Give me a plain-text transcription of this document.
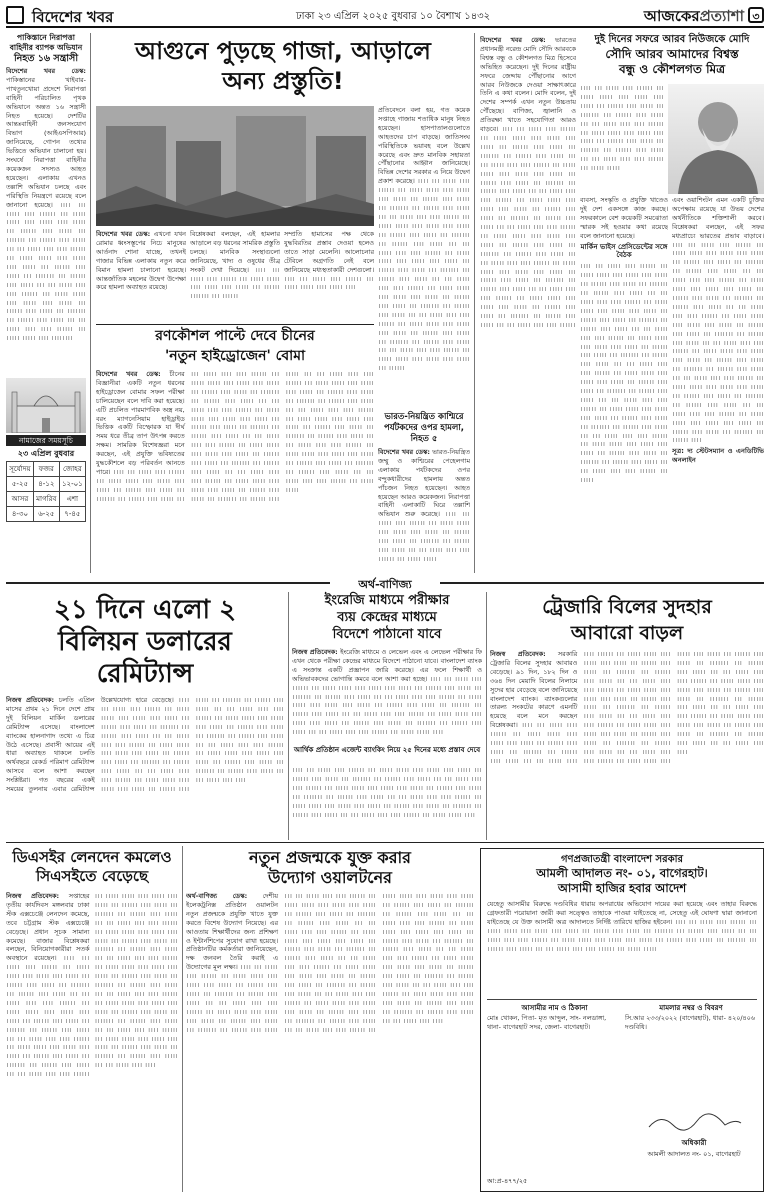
বিদেশের খবর	ঢাকা ২৩ এপ্রিল ২০২৫ বুধবার ১০ বৈশাখ ১৪৩২	আজকেরপ্রত্যাশা ৩
পাকিস্তানে নিরাপত্তা বাহিনীর ব্যাপক অভিযান
নিহত ১৬ সন্ত্রাসী
বিদেশের খবর ডেস্ক: পাকিস্তানের খাইবার-পাখতুনখোয়া প্রদেশে নিরাপত্তা বাহিনী পরিচালিত পৃথক অভিযানে অন্তত ১৬ সন্ত্রাসী নিহত হয়েছে। দেশটির আন্তঃবাহিনী জনসংযোগ বিভাগ (আইএসপিআর) জানিয়েছে, গোপন তথ্যের ভিত্তিতে অভিযান চালানো হয়। সংঘর্ষে নিরাপত্তা বাহিনীর কয়েকজন সদস্যও আহত হয়েছেন। এলাকায় এখনও তল্লাশি অভিযান চলছে এবং পরিস্থিতি নিয়ন্ত্রণে রয়েছে বলে জানানো হয়েছে। ।।।। ।।। ।।।।। ।।।। ।।।।।। ।।। ।।।।। ।।।।। ।।।। ।।।।। ।।।। ।।।।। ।।। ।।।।।। ।।।। ।।।।। ।।। ।।।।।।। ।।। ।।।।।। ।।।। ।।।।। ।।। ।।। ।।।।। ।।।। ।।।। ।।।।।। ।।। ।।।।। ।।।।। ।।।। ।।।।। ।।।। ।।।।। ।।। ।।।।।। ।।।। ।।।।। ।।। ।।।।।।। ।।। ।।।।।। ।।।। ।।।।। ।।। ।।। ।।।।। ।।।। ।।।। ।।।।।। ।।। ।।।।। ।।।।। ।।।। ।।।।। ।।।। ।।।।। ।।। ।।।।।। ।।।। ।।।।। ।।। ।।।।।।। ।।। ।।।।।। ।।।। ।।।।। ।।। ।।। ।।।।। ।।।। ।।।। ।।।।।। ।।। ।।।।। ।।।।। ।।।। ।।।।।।।।
নামাজের সময়সূচি
২৩ এপ্রিল বুধবার
সূর্যোদয়	ফজর	জোহর
৫-২৫	৪-১২	১২-০১
আসর	মাগরিব	এশা
৪-৩০	৬-২৫	৭-৪৫
আগুনে পুড়ছে গাজা, আড়ালে
অন্য প্রস্তুতি!
প্রতিবেদনে বলা হয়, গত কয়েক সপ্তাহে গাজায় শতাধিক মানুষ নিহত হয়েছেন। হাসপাতালগুলোতে আহতদের চাপ বাড়ছে। জাতিসংঘ পরিস্থিতিকে ভয়াবহ বলে উল্লেখ করেছে এবং দ্রুত মানবিক সহায়তা পৌঁছানোর আহ্বান জানিয়েছে। বিভিন্ন দেশের সরকার এ নিয়ে উদ্বেগ প্রকাশ করেছে। ।।।। ।।। ।।।।। ।।।। ।।।।।। ।।। ।।।।। ।।।।। ।।।। ।।।।। ।।।। ।।।।। ।।। ।।।।।। ।।।। ।।।।। ।।। ।।।।।।। ।।। ।।।।।। ।।।। ।।।।। ।।। ।।। ।।।।। ।।।। ।।।। ।।।।।। ।।। ।।।।। ।।।।। ।।।। ।।।।। ।।।। ।।।।। ।।। ।।।।।। ।।।। ।।।।। ।।। ।।।।।।। ।।। ।।।।।। ।।।। ।।।।। ।।। ।।। ।।।।। ।।।। ।।।। ।।।।।। ।।। ।।।।। ।।।।। ।।।। ।।।।। ।।।। ।।।।। ।।। ।।।।।। ।।।। ।।।।। ।।। ।।।।।।। ।।। ।।।।।। ।।।। ।।।।। ।।। ।।। ।।।।। ।।।। ।।।। ।।।।।। ।।। ।।।।। ।।।।। ।।।। ।।।।। ।।।। ।।।।। ।।। ।।।।।। ।।।। ।।।।। ।।। ।।।।।।। ।।। ।।।।।। ।।।। ।।।।। ।।। ।।। ।।।।। ।।।। ।।।। ।।।।।। ।।। ।।।।। ।।।।। ।।।। ।।।।। ।।।। ।।।।। ।।। ।।।।।। ।।।। ।।।।। ।।। ।।।।।।। ।।। ।।।।।। ।।।। ।।।।। ।।। ।।। ।।।।। ।।।। ।।।। ।।।।।। ।।। ।।।।। ।।।।। ।।।। ।।।।। ।।।। ।।।।। ।।। ।।।।।।
বিদেশের খবর ডেস্ক: এখনো যখন রোমার ধ্বংসস্তূপের নিচে মানুষের আর্তনাদ শোনা যাচ্ছে, তখনই গাজার বিভিন্ন এলাকায় নতুন করে বিমান হামলা চালানো হয়েছে। আন্তর্জাতিক মহলের উদ্বেগ উপেক্ষা করে হামলা অব্যাহত রয়েছে।
বিশ্লেষকরা বলছেন, এই হামলার আড়ালে বড় ধরনের সামরিক প্রস্তুতি চলছে। মানবিক সংস্থাগুলো জানিয়েছে, খাদ্য ও ওষুধের তীব্র সংকট দেখা দিয়েছে। ।।।। ।।। ।।।।। ।।।। ।।।।।। ।।। ।।।।। ।।।।। ।।।। ।।।।। ।।।। ।।।।। ।।। ।।।।।। ।।।।।।। ।।। ।।।।।।
সম্প্রতি হামাসের পক্ষ থেকে যুদ্ধবিরতির প্রস্তাব দেওয়া হলেও তাতে সাড়া মেলেনি। আলোচনার টেবিলে অগ্রগতি নেই বলে জানিয়েছে মধ্যস্থতাকারী দেশগুলো। ।।।। ।।। ।।।।। ।।।। ।।।।।। ।।। ।।।।। ।।।।। ।।।। ।।।।। ।।।।
রণকৌশল পাল্টে দেবে চীনের
'নতুন হাইড্রোজেন' বোমা
বিদেশের খবর ডেস্ক: চীনের বিজ্ঞানীরা একটি নতুন ধরনের হাইড্রোজেন বোমার সফল পরীক্ষা চালিয়েছেন বলে দাবি করা হয়েছে। এটি প্রচলিত পারমাণবিক অস্ত্র নয়, বরং ম্যাগনেসিয়াম হাইড্রাইড ভিত্তিক একটি বিস্ফোরক যা দীর্ঘ সময় ধরে তীব্র তাপ উৎপন্ন করতে সক্ষম। সামরিক বিশেষজ্ঞরা মনে করছেন, এই প্রযুক্তি ভবিষ্যতের যুদ্ধকৌশলে বড় পরিবর্তন আনতে পারে। ।।।। ।।। ।।।।। ।।।। ।।।।।। ।।। ।।।।। ।।।।। ।।।। ।।।।। ।।।। ।।।।। ।।। ।।।।।। ।।।। ।।।।। ।।। ।।।।।।। ।।। ।।।।।। ।।।। ।।।।। ।।। ।।। ।।।।। ।।।। ।।।। ।।।।।। ।।। ।।।।। ।।।।। ।।।। ।।।।। ।।।। ।।।।। ।।। ।।।।।। ।।।। ।।।।। ।।। ।।।।।।। ।।। ।।।।।। ।।।। ।।।।। ।।। ।।। ।।।।। ।।।। ।।।। ।।।।।। ।।। ।।।।। ।।।।। ।।।। ।।।।। ।।।। ।।।।। ।।। ।।।।।। ।।।। ।।।।। ।।। ।।।।।।। ।।। ।।।।।। ।।।। ।।।।। ।।। ।।। ।।।।। ।।।। ।।।। ।।।।।। ।।। ।।।।। ।।।।। ।।।। ।।।।। ।।।। ।।।।। ।।। ।।।।।। ।।।। ।।।।। ।।। ।।।।।।। ।।। ।।।।।। ।।।। ।।।।। ।।। ।।। ।।।।। ।।।। ।।।। ।।।।।। ।।। ।।।।। ।।।।। ।।।। ।।।।। ।।।। ।।।।। ।।। ।।।।।। ।।।। ।।।।। ।।। ।।।।।।। ।।। ।।।।।। ।।।। ।।।।। ।।। ।।। ।।।।। ।।।। ।।।। ।।।।।। ।।। ।।।।। ।।।।। ।।।। ।।।।। ।।।। ।।।।। ।।। ।।।।।। ।।।। ।।।।। ।।। ।।।।।।। ।।। ।।।।।। ।।।। ।।।।। ।।। ।।। ।।।।। ।।।। ।।।। ।।।।।। ।।। ।।।।। ।।।।। ।।।। ।।।।। ।।।। ।।।।। ।।। ।।।।।। ।।।। ।।।।। ।।। ।।।।।।। ।।। ।।।।।। ।।।। ।।।।। ।।। ।।। ।।।।। ।।।। ।।।। ।।।।।। ।।। ।।।।। ।।।।। ।।।। ।।।।। ।।।। ।।।।। ।।। ।।।।।। ।।।। ।।।।। ।।। ।।।।।।। ।।। ।।।।।। ।।।। ।।।।। ।।। ।।। ।।।।। ।।।। ।।।। ।।।।।। ।।। ।।।।। ।।।।।
ভারত-নিয়ন্ত্রিত কাশ্মিরে পর্যটকদের ওপর হামলা, নিহত ৫
বিদেশের খবর ডেস্ক: ভারত-নিয়ন্ত্রিত জম্মু ও কাশ্মিরের পেহেলগাম এলাকায় পর্যটকদের ওপর বন্দুকধারীদের হামলায় অন্তত পাঁচজন নিহত হয়েছেন। আহত হয়েছেন আরও কয়েকজন। নিরাপত্তা বাহিনী এলাকাটি ঘিরে তল্লাশি অভিযান শুরু করেছে। ।।।। ।।। ।।।।। ।।।। ।।।।।। ।।। ।।।।। ।।।।। ।।।। ।।।।। ।।।। ।।।।। ।।। ।।।।।। ।।।। ।।।।। ।।। ।।।।।।। ।।। ।।।।।। ।।।। ।।।।। ।।। ।।। ।।।।। ।।।। ।।।। ।।।।।। ।।। ।।।।। ।।।।।
বিদেশের খবর ডেস্ক: ভারতের প্রধানমন্ত্রী নরেন্দ্র মোদি সৌদি আরবকে বিশ্বস্ত বন্ধু ও কৌশলগত মিত্র হিসেবে অভিহিত করেছেন। দুই দিনের রাষ্ট্রীয় সফরে জেদ্দায় পৌঁছানোর আগে আরব নিউজকে দেওয়া সাক্ষাৎকারে তিনি এ কথা বলেন। মোদি বলেন, দুই দেশের সম্পর্ক এখন নতুন উচ্চতায় পৌঁছেছে। বাণিজ্য, জ্বালানি ও প্রতিরক্ষা খাতে সহযোগিতা আরও বাড়বে। ।।।। ।।। ।।।।। ।।।। ।।।।।। ।।। ।।।।। ।।।।। ।।।। ।।।।। ।।।। ।।।।। ।।। ।।।।।। ।।।। ।।।।। ।।। ।।।।।।। ।।। ।।।।।। ।।।। ।।।।। ।।। ।।। ।।।।। ।।।। ।।।। ।।।।।। ।।। ।।।।। ।।।।। ।।।। ।।।।। ।।।। ।।।।। ।।। ।।।।।। ।।।। ।।।।। ।।। ।।।।।।। ।।। ।।।।।। ।।।। ।।।।। ।।। ।।। ।।।।। ।।।। ।।।। ।।।।।। ।।। ।।।।। ।।।।। ।।।। ।।।।। ।।।। ।।।।। ।।। ।।।।।। ।।।। ।।।।। ।।। ।।।।।।। ।।। ।।।।।। ।।।। ।।।।। ।।। ।।। ।।।।। ।।।। ।।।। ।।।।।। ।।। ।।।।। ।।।।। ।।।। ।।।।। ।।।। ।।।।। ।।। ।।।।।। ।।।। ।।।।। ।।। ।।।।।।। ।।। ।।।।।। ।।।। ।।।।। ।।। ।।। ।।।।। ।।।। ।।।। ।।।।।। ।।। ।।।।। ।।।।। ।।।। ।।।।। ।।।। ।।।।। ।।। ।।।।।। ।।।। ।।।।। ।।। ।।।।।।। ।।। ।।।।।। ।।।। ।।।।। ।।। ।।। ।।।।। ।।।। ।।।। ।।।।।। ।।। ।।।।। ।।।।। ।।।। ।।।।। ।।।। ।।।।। ।।। ।।।।।। ।।।। ।।।।। ।।। ।।।।।।। ।।। ।।।।।। ।।।। ।।।।। ।।। ।।। ।।।।। ।।।। ।।।। ।।।।।।
দুই দিনের সফরে আরব নিউজকে মোদি
সৌদি আরব আমাদের বিশ্বস্ত
বন্ধু ও কৌশলগত মিত্র
।।।। ।।। ।।।।। ।।।। ।।।।।। ।।। ।।।।। ।।।।। ।।।। ।।।।। ।।।। ।।।।। ।।। ।।।।।। ।।।। ।।।।। ।।। ।।।।।।। ।।। ।।।।।। ।।।। ।।।।। ।।। ।।। ।।।।। ।।।। ।।।। ।।।।।। ।।। ।।।।। ।।।।। ।।।। ।।।।। ।।।। ।।।।। ।।। ।।।।।। ।।।। ।।।।। ।।। ।।।।।।। ।।। ।।।।।। ।।।। ।।।।। ।।। ।।। ।।।।। ।।।। ।।।। ।।।।।। ।।। ।।।।। ।।।।।
ব্যবসা, সংস্কৃতি ও প্রযুক্তি খাতেও দুই দেশ একসঙ্গে কাজ করছে। সফরকালে বেশ কয়েকটি সমঝোতা স্মারক সই হওয়ার কথা রয়েছে বলে জানানো হয়েছে।
মার্কিন ভাইস প্রেসিডেন্টের সঙ্গে বৈঠক
।।।। ।।। ।।।।। ।।।। ।।।।।। ।।। ।।।।। ।।।।। ।।।। ।।।।। ।।।। ।।।।। ।।। ।।।।।। ।।।। ।।।।। ।।। ।।।।।।। ।।। ।।।।।। ।।।। ।।।।। ।।। ।।। ।।।।। ।।।। ।।।। ।।।।।। ।।। ।।।।। ।।।।। ।।।। ।।।।। ।।।। ।।।।। ।।। ।।।।।। ।।।। ।।।।। ।।। ।।।।।।। ।।। ।।।।।। ।।।। ।।।।। ।।। ।।। ।।।।। ।।।। ।।।। ।।।।।। ।।। ।।।।। ।।।।। ।।।। ।।।।। ।।।। ।।।।। ।।। ।।।।।। ।।।। ।।।।। ।।। ।।।।।।। ।।। ।।।।।। ।।।। ।।।।। ।।। ।।। ।।।।। ।।।। ।।।। ।।।।।। ।।। ।।।।। ।।।।। ।।।। ।।।।। ।।।। ।।।।। ।।। ।।।।।। ।।।। ।।।।। ।।। ।।।।।।। ।।। ।।।।।। ।।।। ।।।।। ।।। ।।। ।।।।। ।।।। ।।।। ।।।।।। ।।। ।।।।। ।।।।। ।।।। ।।।।। ।।।। ।।।।। ।।। ।।।।।। ।।।। ।।।।। ।।। ।।।।।।। ।।। ।।।।।। ।।।। ।।।।। ।।। ।।। ।।।।। ।।।। ।।।। ।।।।।। ।।। ।।।।। ।।।।। ।।।। ।।।।। ।।।। ।।।।। ।।। ।।।।।। ।।।। ।।।।। ।।। ।।।।।।। ।।। ।।।।।। ।।।। ।।।।। ।।। ।।। ।।।।। ।।।। ।।।। ।।।।।। ।।। ।।।।।
এবং ওয়াশিংটন এমন একটি চুক্তির অপেক্ষায় রয়েছে যা উভয় দেশের অর্থনীতিকে শক্তিশালী করবে। বিশ্লেষকরা বলছেন, এই সফর মধ্যপ্রাচ্যে ভারতের প্রভাব বাড়াবে। ।।।। ।।। ।।।।। ।।।। ।।।।।। ।।। ।।।।। ।।।।। ।।।। ।।।।। ।।।। ।।।।। ।।। ।।।।।। ।।।। ।।।।। ।।। ।।।।।।। ।।। ।।।।।। ।।।। ।।।।। ।।। ।।। ।।।।। ।।।। ।।।। ।।।।।। ।।। ।।।।। ।।।।। ।।।। ।।।।। ।।।। ।।।।। ।।। ।।।।।। ।।।। ।।।।। ।।। ।।।।।।। ।।। ।।।।।। ।।।। ।।।।। ।।। ।।। ।।।।। ।।।। ।।।। ।।।।।। ।।। ।।।।। ।।।।। ।।।। ।।।।। ।।।। ।।।।। ।।। ।।।।।। ।।।। ।।।।। ।।। ।।।।।।। ।।। ।।।।।। ।।।। ।।।।। ।।। ।।। ।।।।। ।।।। ।।।। ।।।।।। ।।। ।।।।। ।।।।। ।।।। ।।।।। ।।।। ।।।।। ।।। ।।।।।। ।।।। ।।।।। ।।। ।।।।।।। ।।। ।।।।।। ।।।। ।।।।। ।।। ।।। ।।।।। ।।।। ।।।। ।।।।।। ।।। ।।।।। ।।।।। ।।।। ।।।।। ।।।। ।।।।। ।।। ।।।।।। ।।।। ।।।।। ।।। ।।।।।।। ।।। ।।।।।। ।।।। ।।।।। ।।। ।।। ।।।।। ।।।। ।।।। ।।।।।। ।।। ।।।।। ।।।।। ।।।। ।।।।। ।।।। ।।।।। ।।। ।।।।।। ।।।। ।।।।। ।।। ।।।।।।। ।।। ।।।।।। ।।।।
সূত্র: দ্য স্টেটসম্যান ও এনডিটিভি অনলাইন
অর্থ-বাণিজ্য
২১ দিনে এলো ২
বিলিয়ন ডলারের
রেমিট্যান্স
নিজস্ব প্রতিবেদক: চলতি এপ্রিল মাসের প্রথম ২১ দিনে দেশে প্রায় দুই বিলিয়ন মার্কিন ডলারের রেমিট্যান্স এসেছে। বাংলাদেশ ব্যাংকের হালনাগাদ তথ্যে এ চিত্র উঠে এসেছে। প্রবাসী আয়ের এই ধারা অব্যাহত থাকলে চলতি অর্থবছরে রেকর্ড পরিমাণ রেমিট্যান্স আসবে বলে আশা করছেন সংশ্লিষ্টরা। গত বছরের একই সময়ের তুলনায় এবার রেমিট্যান্স উল্লেখযোগ্য হারে বেড়েছে। ।।।। ।।। ।।।।। ।।।। ।।।।।। ।।। ।।।।। ।।।।। ।।।। ।।।।। ।।।। ।।।।। ।।। ।।।।।। ।।।। ।।।।। ।।। ।।।।।।। ।।। ।।।।।। ।।।। ।।।।। ।।। ।।। ।।।।। ।।।। ।।।। ।।।।।। ।।। ।।।।। ।।।।। ।।।। ।।।।। ।।।। ।।।।। ।।। ।।।।।। ।।।। ।।।।। ।।। ।।।।।।। ।।। ।।।।।। ।।।। ।।।।। ।।। ।।। ।।।।। ।।।। ।।।। ।।।।।। ।।। ।।।।। ।।।।। ।।।। ।।।।। ।।।। ।।।।। ।।। ।।।।।। ।।।। ।।।।। ।।। ।।।।।।। ।।। ।।।।।। ।।।। ।।।।। ।।। ।।। ।।।।। ।।।। ।।।। ।।।।।। ।।। ।।।।। ।।।।। ।।।। ।।।।। ।।।। ।।।।। ।।। ।।।।।। ।।।। ।।।।। ।।। ।।।।।।। ।।। ।।।।।। ।।।। ।।।।। ।।। ।।। ।।।।। ।।।। ।।।। ।।।।।। ।।। ।।।।। ।।।।। ।।।। ।।।।। ।।।। ।।।।। ।।। ।।।।।। ।।।। ।।।।। ।।। ।।।।।।। ।।। ।।।।।। ।।।। ।।।।। ।।। ।।। ।।।।। ।।।। ।।।।
ইংরেজি মাধ্যমে পরীক্ষার
ব্যয় কেন্দ্রের মাধ্যমে
বিদেশে পাঠানো যাবে
নিজস্ব প্রতিবেদক: ইংরেজি মাধ্যমে ও লেভেল এবং এ লেভেল পরীক্ষার ফি এখন থেকে পরীক্ষা কেন্দ্রের মাধ্যমে বিদেশে পাঠানো যাবে। বাংলাদেশ ব্যাংক এ সংক্রান্ত একটি প্রজ্ঞাপন জারি করেছে। এর ফলে শিক্ষার্থী ও অভিভাবকদের ভোগান্তি কমবে বলে আশা করা হচ্ছে। ।।।। ।।। ।।।।। ।।।। ।।।।।। ।।। ।।।।। ।।।।। ।।।। ।।।।। ।।।। ।।।।। ।।। ।।।।।। ।।।। ।।।।। ।।। ।।।।।।। ।।। ।।।।।। ।।।। ।।।।। ।।। ।।। ।।।।। ।।।। ।।।। ।।।।।। ।।। ।।।।। ।।।।। ।।।। ।।।।। ।।।। ।।।।। ।।। ।।।।।। ।।।। ।।।।। ।।। ।।।।।।। ।।। ।।।।।। ।।।। ।।।।। ।।। ।।। ।।।।। ।।।। ।।।। ।।।।।। ।।। ।।।।। ।।।।। ।।।। ।।।।। ।।।। ।।।।। ।।। ।।।।।। ।।।। ।।।।। ।।। ।।।।।।। ।।। ।।।।।। ।।।। ।।।।। ।।। ।।। ।।।।। ।।।। ।।।। ।।।।।। ।।। ।।।।। ।।।।। ।।।।
আর্থিক প্রতিষ্ঠান এজেন্ট ব্যাংকিং নিয়ে ২৫ দিনের মধ্যে প্রস্তাব দেবে
।।।। ।।। ।।।।। ।।।। ।।।।।। ।।। ।।।।। ।।।।। ।।।। ।।।।। ।।।। ।।।।। ।।। ।।।।।। ।।।। ।।।।। ।।। ।।।।।।। ।।। ।।।।।। ।।।। ।।।।। ।।। ।।। ।।।।। ।।।। ।।।। ।।।।।। ।।। ।।।।। ।।।।। ।।।। ।।।।। ।।।। ।।।।। ।।। ।।।।।। ।।।। ।।।।। ।।। ।।।।।।। ।।। ।।।।।। ।।।। ।।।।। ।।। ।।। ।।।।। ।।।। ।।।। ।।।।।। ।।। ।।।।। ।।।।। ।।।। ।।।।। ।।।। ।।।।। ।।। ।।।।।। ।।।। ।।।।। ।।। ।।।।।।। ।।। ।।।।।। ।।।। ।।।।। ।।। ।।। ।।।।। ।।।। ।।।। ।।।।।। ।।। ।।।।। ।।।।। ।।।।
ট্রেজারি বিলের সুদহার
আবারো বাড়ল
নিজস্ব প্রতিবেদক: সরকারি ট্রেজারি বিলের সুদহার আবারও বেড়েছে। ৯১ দিন, ১৮২ দিন ও ৩৬৪ দিন মেয়াদি বিলের নিলামে সুদের হার বেড়েছে বলে জানিয়েছে বাংলাদেশ ব্যাংক। ব্যাংকগুলোর তারল্য সংকটের কারণে এমনটি হয়েছে বলে মনে করছেন বিশ্লেষকরা। ।।।। ।।। ।।।।। ।।।। ।।।।।। ।।। ।।।।। ।।।।। ।।।। ।।।।। ।।।। ।।।।। ।।। ।।।।।। ।।।। ।।।।। ।।। ।।।।।।। ।।। ।।।।।। ।।।। ।।।।। ।।। ।।। ।।।।। ।।।। ।।।। ।।।।।। ।।। ।।।।। ।।।।। ।।।। ।।।।। ।।।। ।।।।। ।।। ।।।।।। ।।।। ।।।।। ।।। ।।।।।।। ।।। ।।।।।। ।।।। ।।।।। ।।। ।।। ।।।।। ।।।। ।।।। ।।।।।। ।।। ।।।।। ।।।।। ।।।। ।।।।। ।।।। ।।।।। ।।। ।।।।।। ।।।। ।।।।। ।।। ।।।।।।। ।।। ।।।।।। ।।।। ।।।।। ।।। ।।। ।।।।। ।।।। ।।।। ।।।।।। ।।। ।।।।। ।।।।। ।।।। ।।।।। ।।।। ।।।।। ।।। ।।।।।। ।।।। ।।।।। ।।। ।।।।।।। ।।। ।।।।।। ।।।। ।।।।। ।।। ।।। ।।।।। ।।।। ।।।। ।।।।।। ।।। ।।।।। ।।।।। ।।।। ।।।।। ।।।। ।।।।। ।।। ।।।।।। ।।।। ।।।।। ।।। ।।।।।।। ।।। ।।।।।। ।।।। ।।।।। ।।। ।।। ।।।।। ।।।। ।।।। ।।।।।। ।।। ।।।।। ।।।।। ।।।। ।।।।। ।।।। ।।।।। ।।। ।।।।।। ।।।। ।।।।। ।।। ।।।।।।। ।।। ।।।।।। ।।।। ।।।।। ।।। ।।। ।।।।। ।।।। ।।।। ।।।।।। ।।। ।।।।। ।।।।। ।।।। ।।।।। ।।।। ।।।।। ।।। ।।।।।। ।।।। ।।।।। ।।। ।।।।।।। ।।। ।।।।।। ।।।। ।।।।। ।।। ।।। ।।।।। ।।।। ।।।।
ডিএসইর লেনদেন কমলেও
সিএসইতে বেড়েছে
নিজস্ব প্রতিবেদক: সপ্তাহের তৃতীয় কার্যদিবস মঙ্গলবার ঢাকা স্টক এক্সচেঞ্জে লেনদেন কমেছে, তবে চট্টগ্রাম স্টক এক্সচেঞ্জে বেড়েছে। প্রধান সূচক সামান্য কমেছে। বাজার বিশ্লেষকরা বলছেন, বিনিয়োগকারীরা সতর্ক অবস্থানে রয়েছেন। ।।।। ।।। ।।।।। ।।।। ।।।।।। ।।। ।।।।। ।।।।। ।।।। ।।।।। ।।।। ।।।।। ।।। ।।।।।। ।।।। ।।।।। ।।। ।।।।।।। ।।। ।।।।।। ।।।। ।।।।। ।।। ।।। ।।।।। ।।।। ।।।। ।।।।।। ।।। ।।।।। ।।।।। ।।।। ।।।।। ।।।। ।।।।। ।।। ।।।।।। ।।।। ।।।।। ।।। ।।।।।।। ।।। ।।।।।। ।।।। ।।।।। ।।। ।।। ।।।।। ।।।। ।।।। ।।।।।। ।।। ।।।।। ।।।।। ।।।। ।।।।। ।।।। ।।।।। ।।। ।।।।।। ।।।। ।।।।। ।।। ।।।।।।। ।।। ।।।।।। ।।।। ।।।।। ।।। ।।। ।।।।। ।।।। ।।।। ।।।।।। ।।। ।।।।। ।।।।। ।।।। ।।।।। ।।।। ।।।।। ।।। ।।।।।। ।।।। ।।।।। ।।। ।।।।।।। ।।। ।।।।।। ।।।। ।।।।। ।।। ।।। ।।।।। ।।।। ।।।। ।।।।।। ।।। ।।।।। ।।।।। ।।।। ।।।।। ।।।। ।।।।। ।।। ।।।।।। ।।।। ।।।।। ।।। ।।।।।।। ।।। ।।।।।। ।।।। ।।।।। ।।। ।।। ।।।।। ।।।। ।।।। ।।।।।। ।।। ।।।।। ।।।।। ।।।। ।।।।। ।।।। ।।।।। ।।। ।।।।।। ।।।। ।।।।। ।।। ।।।।।।। ।।। ।।।।।। ।।।। ।।।।। ।।। ।।। ।।।।। ।।।। ।।।। ।।।।।। ।।। ।।।।। ।।।।। ।।।। ।।।।। ।।।। ।।।।। ।।। ।।।।।। ।।।। ।।।।। ।।। ।।।।।।। ।।। ।।।।।। ।।।। ।।।।। ।।। ।।। ।।।।। ।।।। ।।।। ।।।।।। ।।। ।।।।। ।।।।। ।।।। ।।।।। ।।।। ।।।।। ।।। ।।।।।। ।।।। ।।।।। ।।। ।।।।।।। ।।। ।।।।।। ।।।। ।।।।। ।।। ।।। ।।।।। ।।।। ।।।।
নতুন প্রজন্মকে যুক্ত করার
উদ্যোগ ওয়ালটনের
অর্থ-বাণিজ্য ডেস্ক: দেশীয় ইলেকট্রনিক্স প্রতিষ্ঠান ওয়ালটন নতুন প্রজন্মকে প্রযুক্তি খাতে যুক্ত করতে বিশেষ উদ্যোগ নিয়েছে। এর আওতায় শিক্ষার্থীদের জন্য প্রশিক্ষণ ও ইন্টার্নশিপের সুযোগ রাখা হয়েছে। প্রতিষ্ঠানটির কর্মকর্তারা জানিয়েছেন, দক্ষ জনবল তৈরি করাই এ উদ্যোগের মূল লক্ষ্য। ।।।। ।।। ।।।।। ।।।। ।।।।।। ।।। ।।।।। ।।।।। ।।।। ।।।।। ।।।। ।।।।। ।।। ।।।।।। ।।।। ।।।।। ।।। ।।।।।।। ।।। ।।।।।। ।।।। ।।।।। ।।। ।।। ।।।।। ।।।। ।।।। ।।।।।। ।।। ।।।।। ।।।।। ।।।। ।।।।। ।।।। ।।।।। ।।। ।।।।।। ।।।। ।।।।। ।।। ।।।।।।। ।।। ।।।।।। ।।।। ।।।।। ।।। ।।। ।।।।। ।।।। ।।।। ।।।।।। ।।। ।।।।। ।।।।। ।।।। ।।।।। ।।।। ।।।।। ।।। ।।।।।। ।।।। ।।।।। ।।। ।।।।।।। ।।। ।।।।।। ।।।। ।।।।। ।।। ।।। ।।।।। ।।।। ।।।। ।।।।।। ।।। ।।।।। ।।।।। ।।।। ।।।।। ।।।। ।।।।। ।।। ।।।।।। ।।।। ।।।।। ।।। ।।।।।।। ।।। ।।।।।। ।।।। ।।।।। ।।। ।।। ।।।।। ।।।। ।।।। ।।।।।। ।।। ।।।।। ।।।।। ।।।। ।।।।। ।।।। ।।।।। ।।। ।।।।।। ।।।। ।।।।। ।।। ।।।।।।। ।।। ।।।।।। ।।।। ।।।।। ।।। ।।। ।।।।। ।।।। ।।।। ।।।।।। ।।। ।।।।। ।।।।। ।।।। ।।।।। ।।।। ।।।।। ।।। ।।।।।। ।।।। ।।।।। ।।। ।।।।।।। ।।। ।।।।।। ।।।। ।।।।। ।।। ।।। ।।।।। ।।।। ।।।। ।।।।।। ।।। ।।।।। ।।।।। ।।।। ।।।।। ।।।। ।।।।। ।।। ।।।।।। ।।।। ।।।।। ।।। ।।।।।।। ।।। ।।।।।। ।।।। ।।।।। ।।। ।।। ।।।।। ।।।। ।।।। ।।।।।। ।।। ।।।।। ।।।।। ।।।। ।।।।। ।।।। ।।।।। ।।। ।।।।।। ।।।। ।।।।। ।।। ।।।।।।। ।।। ।।।।।। ।।।। ।।।।। ।।। ।।। ।।।।। ।।।। ।।।। ।।।।।। ।।। ।।।।। ।।।।। ।।।। ।।।।। ।।।। ।।।।। ।।। ।।।।।। ।।।। ।।।।। ।।। ।।।।।।। ।।। ।।।।।। ।।।। ।।।।। ।।। ।।। ।।।।। ।।।। ।।।। ।।।।।। ।।। ।।।।। ।।।।। ।।।। ।।।।। ।।।। ।।।।। ।।। ।।।।।। ।।।। ।।।।। ।।। ।।।।।।। ।।। ।।।।।। ।।।। ।।।।। ।।। ।।। ।।।।। ।।।। ।।।।
গণপ্রজাতন্ত্রী বাংলাদেশ সরকার
আমলী আদালত নং- ০১, বাগেরহাট।
আসামী হাজির হবার আদেশ
যেহেতু আসামীর বিরুদ্ধে দণ্ডবিধির ধারায় অপরাধের অভিযোগ দায়ের করা হয়েছে এবং তাহার বিরুদ্ধে গ্রেফতারী পরোয়ানা জারী করা সত্ত্বেও তাহাকে পাওয়া যাইতেছে না, সেহেতু এই ঘোষণা দ্বারা জানানো যাইতেছে যে উক্ত আসামী অত্র আদালতে নির্দিষ্ট তারিখে হাজির হইবেন। ।।।। ।।। ।।।।। ।।।। ।।।।।। ।।। ।।।।। ।।।।। ।।।। ।।।।। ।।।। ।।।।। ।।। ।।।।।। ।।।। ।।।।। ।।। ।।।।।।। ।।। ।।।।।। ।।।। ।।।।। ।।। ।।। ।।।।। ।।।। ।।।। ।।।।।। ।।। ।।।।। ।।।।। ।।।। ।।।।। ।।।। ।।।।। ।।। ।।।।।। ।।।। ।।।।। ।।। ।।।।।।। ।।। ।।।।।। ।।।। ।।।।। ।।। ।।। ।।।।। ।।।। ।।।। ।।।।।। ।।। ।।।।। ।।।।।
আসামীর নাম ও ঠিকানা	মামলার নম্বর ও বিবরণ
মোঃ খোকন, পিতা- মৃত আব্দুল, সাং- নলডাঙ্গা, থানা- বাগেরহাট সদর, জেলা- বাগেরহাট।
সি.আর ২৩৩/২০২২ (বাগেরহাট), ধারা- ৪২০/৪০৬ দণ্ডবিধি।
অধিকারী
আমলী আদালত নং- ০১, বাগেরহাট
আ:প্র-৪৭৭/২৫
